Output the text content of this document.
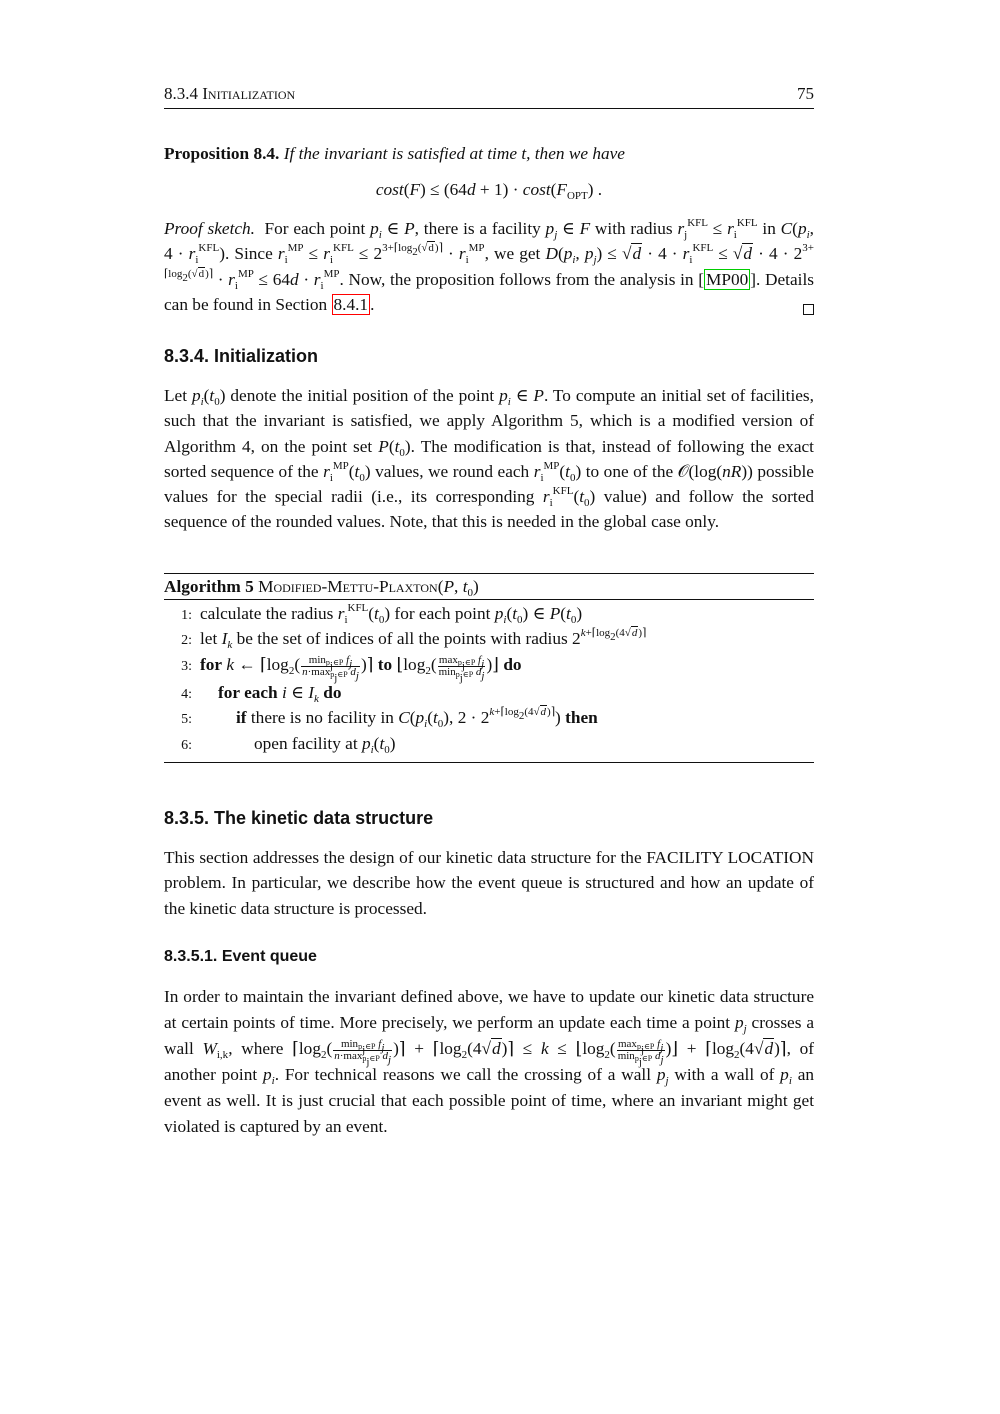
8.3.4 Initialization	75
Proposition 8.4. If the invariant is satisfied at time t, then we have
$\cos t(F) \le (64d + 1) \cdot \cos t(F_{OPT})$ .
Proof sketch.  For each point $p_i$ ∈ P, there is a facility $p_j$ ∈ F with radius $r_j^{KFL} \le r_i^{KFL}$ in $C(p_i$, $4 \cdot r_i^{KFL}$). Since $r_i^{MP} \le r_i^{KFL} \le 2^{3+⌈log_2(√d)⌉} \cdot r_i^{MP}$, we get $D(p_i$, $p_j) \le √d \cdot 4 \cdot r_i^{KFL} \le √d \cdot 4 \cdot 2^{3+⌈log_2(√d)⌉} \cdot r_i^{MP} \le 64d \cdot r_i^{MP}$. Now, the proposition follows from the analysis in [ MP00 ]. Details can be found in Section 8.4.1 .
8.3.4. Initialization
Let $p_i(t_0)$ denote the initial position of the point $p_i$ ∈ P. To compute an initial set of facilities, such that the invariant is satisfied, we apply Algorithm 5, which is a modified version of Algorithm 4, on the point set $P(t_0)$. The modification is that, instead of following the exact sorted sequence of the $r_i^{MP}(t_0)$ values, we round each $r_i^{MP}(t_0)$ to one of the 𝒪(log(nR)) possible values for the special radii (i.e., its corresponding $r_i^{KFL}(t_0)$ value) and follow the sorted sequence of the rounded values. Note, that this is needed in the global case only.
Algorithm 5 Modified-Mettu-Plaxton(P, $t_0$)
1: calculate the radius $r_i^{KFL}(t_0)$ for each point $p_i(t_0)$ ∈ $P(t_0)$
2: let $I_k$ be the set of indices of all the points with radius $2^{k+⌈log_2(4√d)⌉}$
3: for k ← $⌈\log_2( \frac{\min_{p_j\in P} f_j}{n\cdot\max_{p_j\in P} d_j}$ )⌉ to $⌊\log_2( \frac{\max_{p_j\in P} f_j}{\min_{p_j\in P} d_j}$ )⌋ do
4: for each i ∈ $I_k$ do
5:	if there is no facility in $C(p_i(t_0)$, $2 \cdot 2^{k+⌈log_2(4√d)⌉}$) then
6:	open facility at $p_i(t_0)$
8.3.5. The kinetic data structure
This section addresses the design of our kinetic data structure for the FACILITY LOCATION problem. In particular, we describe how the event queue is structured and how an update of the kinetic data structure is processed.
8.3.5.1. Event queue
In order to maintain the invariant defined above, we have to update our kinetic data structure at certain points of time. More precisely, we perform an update each time a point $p_j$ crosses a wall $W_{i,k}$, where $⌈\log_2( \frac{\min_{p_j\in P} f_j}{n\cdot\max_{p_j\in P} d_j}$ )⌉ + $⌈\log_2(4√d)⌉ \le k$ ≤ $⌊\log_2( \frac{\max_{p_j\in P} f_j}{\min_{p_j\in P} d_j}$ )⌋ + $⌈\log_2(4√d)⌉$, of another point $p_i$. For technical reasons we call the crossing of a wall $p_j$ with a wall of $p_i$ an event as well. It is just crucial that each possible point of time, where an invariant might get violated is captured by an event.
